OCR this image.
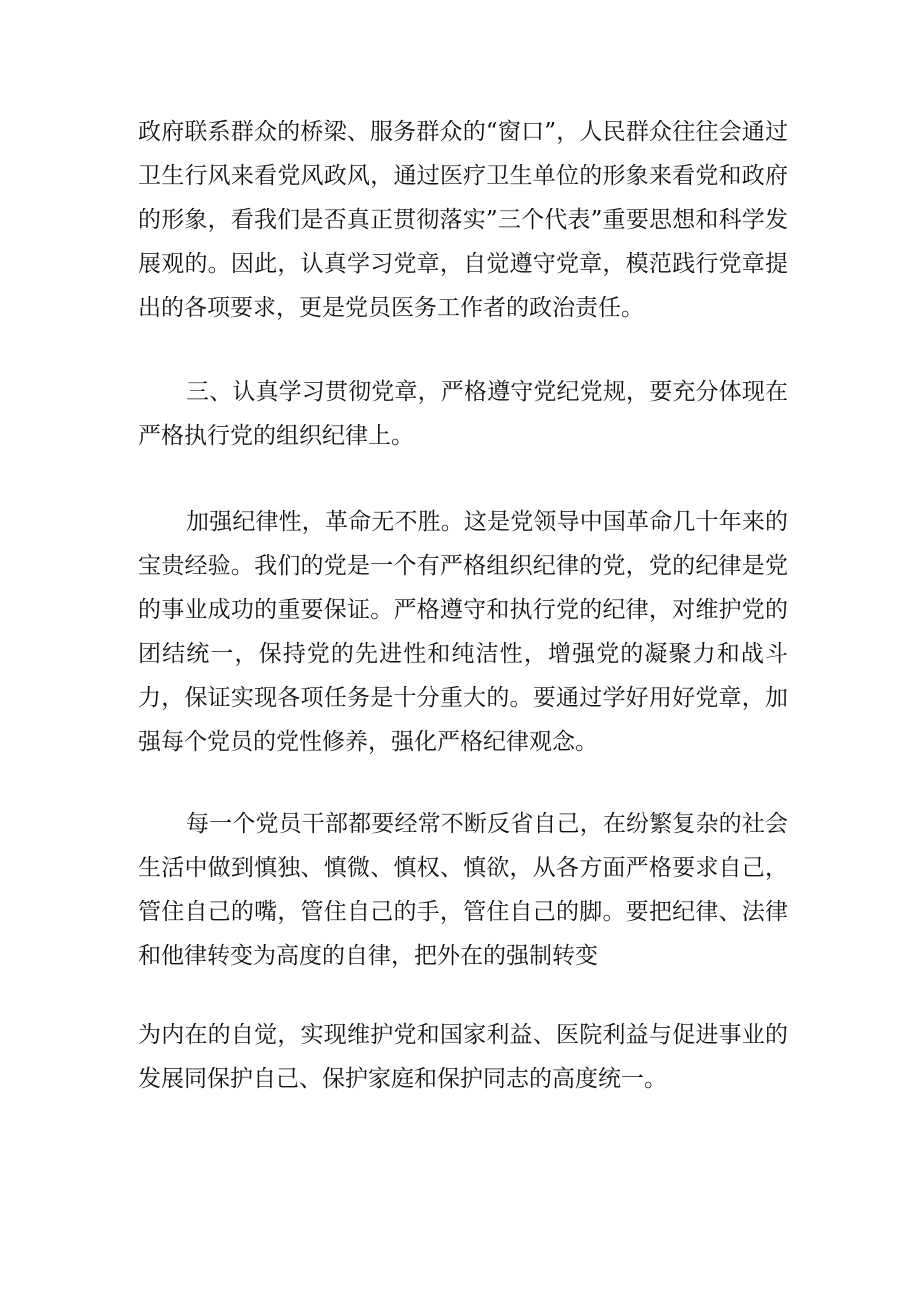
政府联系群众的桥梁、服务群众的“窗口”，人民群众往往会通过卫生行风来看党风政风，通过医疗卫生单位的形象来看党和政府的形象，看我们是否真正贯彻落实”三个代表”重要思想和科学发展观的。因此，认真学习党章，自觉遵守党章，模范践行党章提出的各项要求，更是党员医务工作者的政治责任。

三、认真学习贯彻党章，严格遵守党纪党规，要充分体现在严格执行党的组织纪律上。

加强纪律性，革命无不胜。这是党领导中国革命几十年来的宝贵经验。我们的党是一个有严格组织纪律的党，党的纪律是党的事业成功的重要保证。严格遵守和执行党的纪律，对维护党的团结统一，保持党的先进性和纯洁性，增强党的凝聚力和战斗力，保证实现各项任务是十分重大的。要通过学好用好党章，加强每个党员的党性修养，强化严格纪律观念。

每一个党员干部都要经常不断反省自己，在纷繁复杂的社会生活中做到慎独、慎微、慎权、慎欲，从各方面严格要求自己，管住自己的嘴，管住自己的手，管住自己的脚。要把纪律、法律和他律转变为高度的自律，把外在的强制转变

为内在的自觉，实现维护党和国家利益、医院利益与促进事业的发展同保护自己、保护家庭和保护同志的高度统一。
